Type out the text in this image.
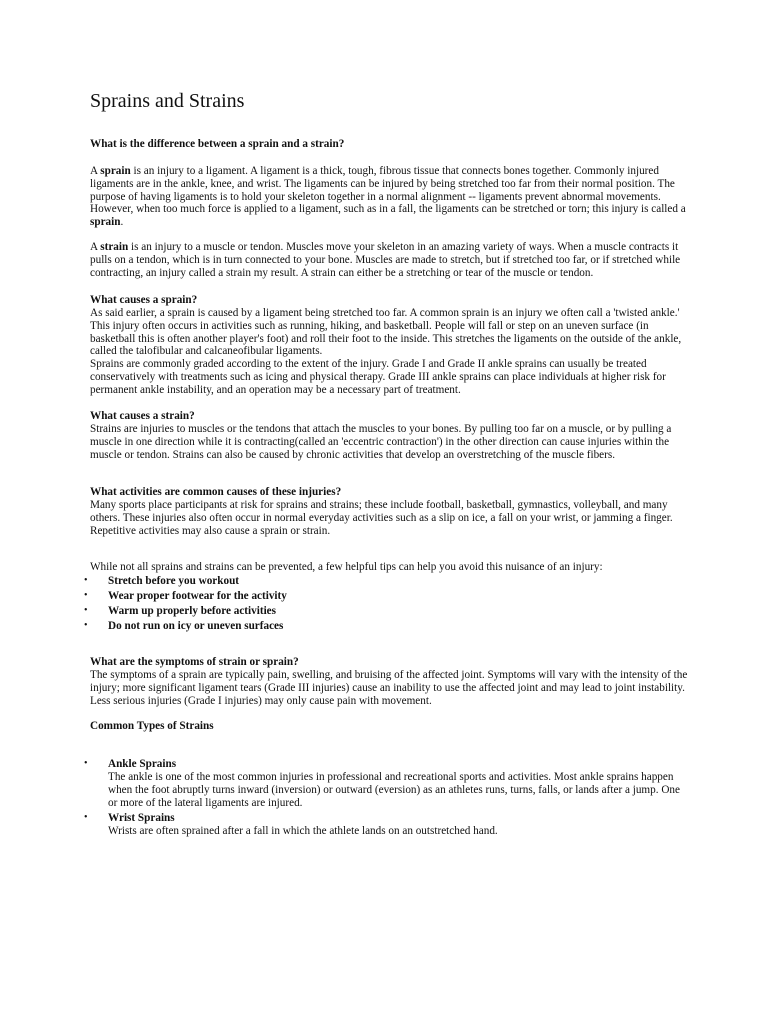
Sprains and Strains

What is the difference between a sprain and a strain?

A sprain is an injury to a ligament. A ligament is a thick, tough, fibrous tissue that connects bones together. Commonly injured ligaments are in the ankle, knee, and wrist. The ligaments can be injured by being stretched too far from their normal position. The purpose of having ligaments is to hold your skeleton together in a normal alignment -- ligaments prevent abnormal movements. However, when too much force is applied to a ligament, such as in a fall, the ligaments can be stretched or torn; this injury is called a sprain.

A strain is an injury to a muscle or tendon. Muscles move your skeleton in an amazing variety of ways. When a muscle contracts it pulls on a tendon, which is in turn connected to your bone. Muscles are made to stretch, but if stretched too far, or if stretched while contracting, an injury called a strain my result. A strain can either be a stretching or tear of the muscle or tendon.

What causes a sprain?

As said earlier, a sprain is caused by a ligament being stretched too far. A common sprain is an injury we often call a 'twisted ankle.' This injury often occurs in activities such as running, hiking, and basketball. People will fall or step on an uneven surface (in basketball this is often another player's foot) and roll their foot to the inside. This stretches the ligaments on the outside of the ankle, called the talofibular and calcaneofibular ligaments.

Sprains are commonly graded according to the extent of the injury. Grade I and Grade II ankle sprains can usually be treated conservatively with treatments such as icing and physical therapy. Grade III ankle sprains can place individuals at higher risk for permanent ankle instability, and an operation may be a necessary part of treatment.

What causes a strain?

Strains are injuries to muscles or the tendons that attach the muscles to your bones. By pulling too far on a muscle, or by pulling a muscle in one direction while it is contracting(called an 'eccentric contraction') in the other direction can cause injuries within the muscle or tendon. Strains can also be caused by chronic activities that develop an overstretching of the muscle fibers.

What activities are common causes of these injuries?

Many sports place participants at risk for sprains and strains; these include football, basketball, gymnastics, volleyball, and many others. These injuries also often occur in normal everyday activities such as a slip on ice, a fall on your wrist, or jamming a finger. Repetitive activities may also cause a sprain or strain.

While not all sprains and strains can be prevented, a few helpful tips can help you avoid this nuisance of an injury:

• Stretch before you workout

• Wear proper footwear for the activity

• Warm up properly before activities

• Do not run on icy or uneven surfaces

What are the symptoms of strain or sprain?

The symptoms of a sprain are typically pain, swelling, and bruising of the affected joint. Symptoms will vary with the intensity of the injury; more significant ligament tears (Grade III injuries) cause an inability to use the affected joint and may lead to joint instability. Less serious injuries (Grade I injuries) may only cause pain with movement.

Common Types of Strains

• Ankle Sprains

The ankle is one of the most common injuries in professional and recreational sports and activities. Most ankle sprains happen when the foot abruptly turns inward (inversion) or outward (eversion) as an athletes runs, turns, falls, or lands after a jump. One or more of the lateral ligaments are injured.

• Wrist Sprains

Wrists are often sprained after a fall in which the athlete lands on an outstretched hand.
